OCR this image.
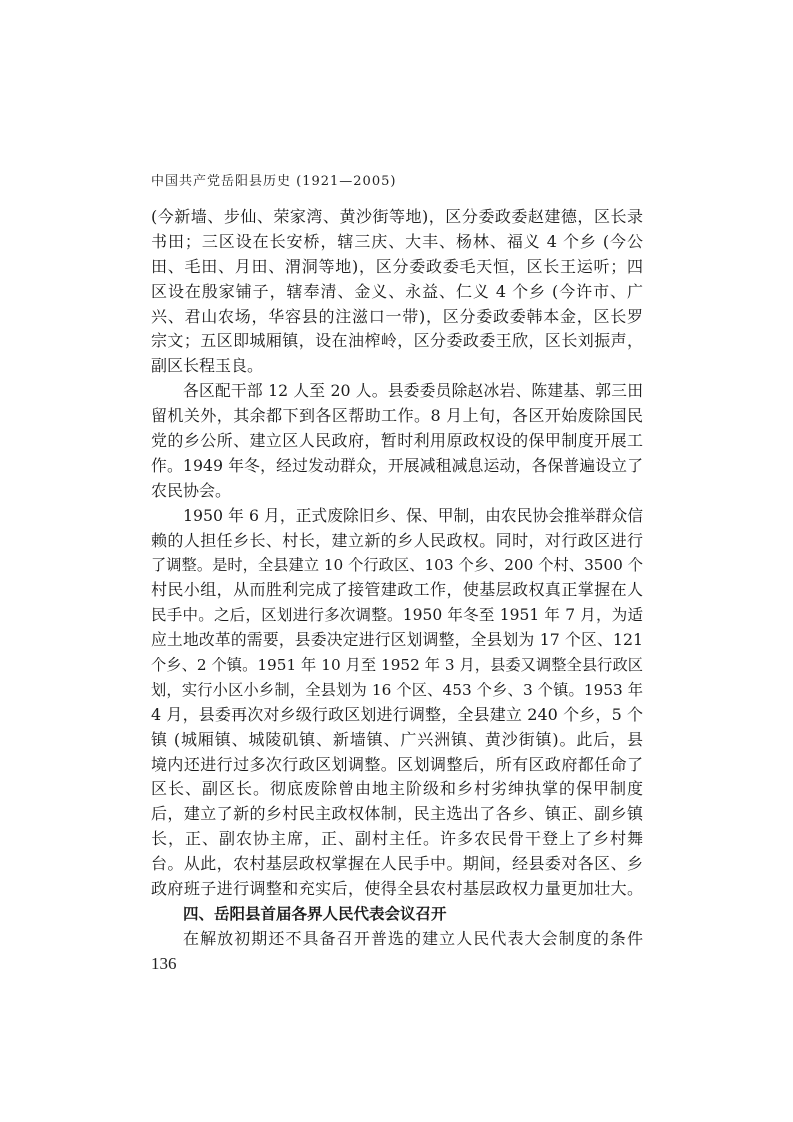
中国共产党岳阳县历史 (1921—2005)
(今新墙、步仙、荣家湾、黄沙街等地)，区分委政委赵建德，区长录
书田；三区设在长安桥，辖三庆、大丰、杨林、福义 4 个乡 (今公
田、毛田、月田、渭洞等地)，区分委政委毛天恒，区长王运听；四
区设在殷家铺子，辖奉清、金义、永益、仁义 4 个乡 (今许市、广
兴、君山农场，华容县的注滋口一带)，区分委政委韩本金，区长罗
宗文；五区即城厢镇，设在油榨岭，区分委政委王欣，区长刘振声，
副区长程玉良。
各区配干部 12 人至 20 人。县委委员除赵冰岩、陈建基、郭三田
留机关外，其余都下到各区帮助工作。8 月上旬，各区开始废除国民
党的乡公所、建立区人民政府，暂时利用原政权设的保甲制度开展工
作。1949 年冬，经过发动群众，开展减租减息运动，各保普遍设立了
农民协会。
1950 年 6 月，正式废除旧乡、保、甲制，由农民协会推举群众信
赖的人担任乡长、村长，建立新的乡人民政权。同时，对行政区进行
了调整。是时，全县建立 10 个行政区、103 个乡、200 个村、3500 个
村民小组，从而胜利完成了接管建政工作，使基层政权真正掌握在人
民手中。之后，区划进行多次调整。1950 年冬至 1951 年 7 月，为适
应土地改革的需要，县委决定进行区划调整，全县划为 17 个区、121
个乡、2 个镇。1951 年 10 月至 1952 年 3 月，县委又调整全县行政区
划，实行小区小乡制，全县划为 16 个区、453 个乡、3 个镇。1953 年
4 月，县委再次对乡级行政区划进行调整，全县建立 240 个乡，5 个
镇 (城厢镇、城陵矶镇、新墙镇、广兴洲镇、黄沙街镇)。此后，县
境内还进行过多次行政区划调整。区划调整后，所有区政府都任命了
区长、副区长。彻底废除曾由地主阶级和乡村劣绅执掌的保甲制度
后，建立了新的乡村民主政权体制，民主选出了各乡、镇正、副乡镇
长，正、副农协主席，正、副村主任。许多农民骨干登上了乡村舞
台。从此，农村基层政权掌握在人民手中。期间，经县委对各区、乡
政府班子进行调整和充实后，使得全县农村基层政权力量更加壮大。
四、岳阳县首届各界人民代表会议召开
在解放初期还不具备召开普选的建立人民代表大会制度的条件
136
